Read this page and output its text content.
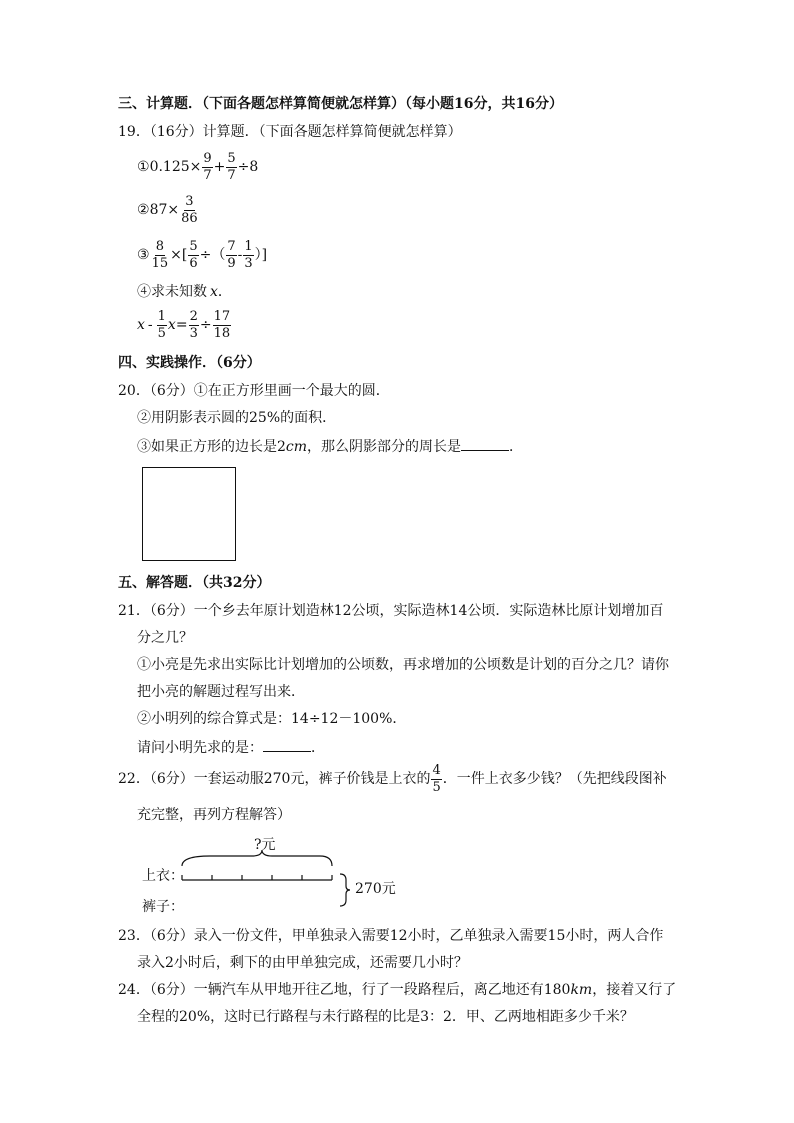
三、计算题．（下面各题怎样算简便就怎样算）（每小题16分，共16分）
19．（16分）计算题．（下面各题怎样算简便就怎样算）
① $0.125\times \frac{9}{7} + \frac{5}{7} \div 8$
② $87\times \frac{3}{86}$
③ $\frac{8}{15}$ ×[ $\frac{5}{6}$ ÷（ $\frac{7}{9} - \frac{1}{3}$ ）]
④求未知数 x ．
x - $\frac{1}{5}$ $x = \frac{2}{3} \div \frac{17}{18}$
四、实践操作．（6分）
20．（6分）①在正方形里画一个最大的圆．
②用阴影表示圆的25%的面积．
③如果正方形的边长是2cm，那么阴影部分的周长是	．
五、解答题．（共32分）
21．（6分）一个乡去年原计划造林12公顷，实际造林14公顷．实际造林比原计划增加百
分之几？
①小亮是先求出实际比计划增加的公顷数，再求增加的公顷数是计划的百分之几？请你
把小亮的解题过程写出来．
②小明列的综合算式是：14÷12－100%．
请问小明先求的是：	．
22．（6分）一套运动服270元，裤子价钱是上衣的 $\frac{4}{5}$ ．一件上衣多少钱？（先把线段图补
充完整，再列方程解答）
?元
上衣：
裤子：
270元
23．（6分）录入一份文件，甲单独录入需要12小时，乙单独录入需要15小时，两人合作
录入2小时后，剩下的由甲单独完成，还需要几小时？
24．（6分）一辆汽车从甲地开往乙地，行了一段路程后，离乙地还有180km，接着又行了
全程的20%，这时已行路程与未行路程的比是3：2．甲、乙两地相距多少千米？
